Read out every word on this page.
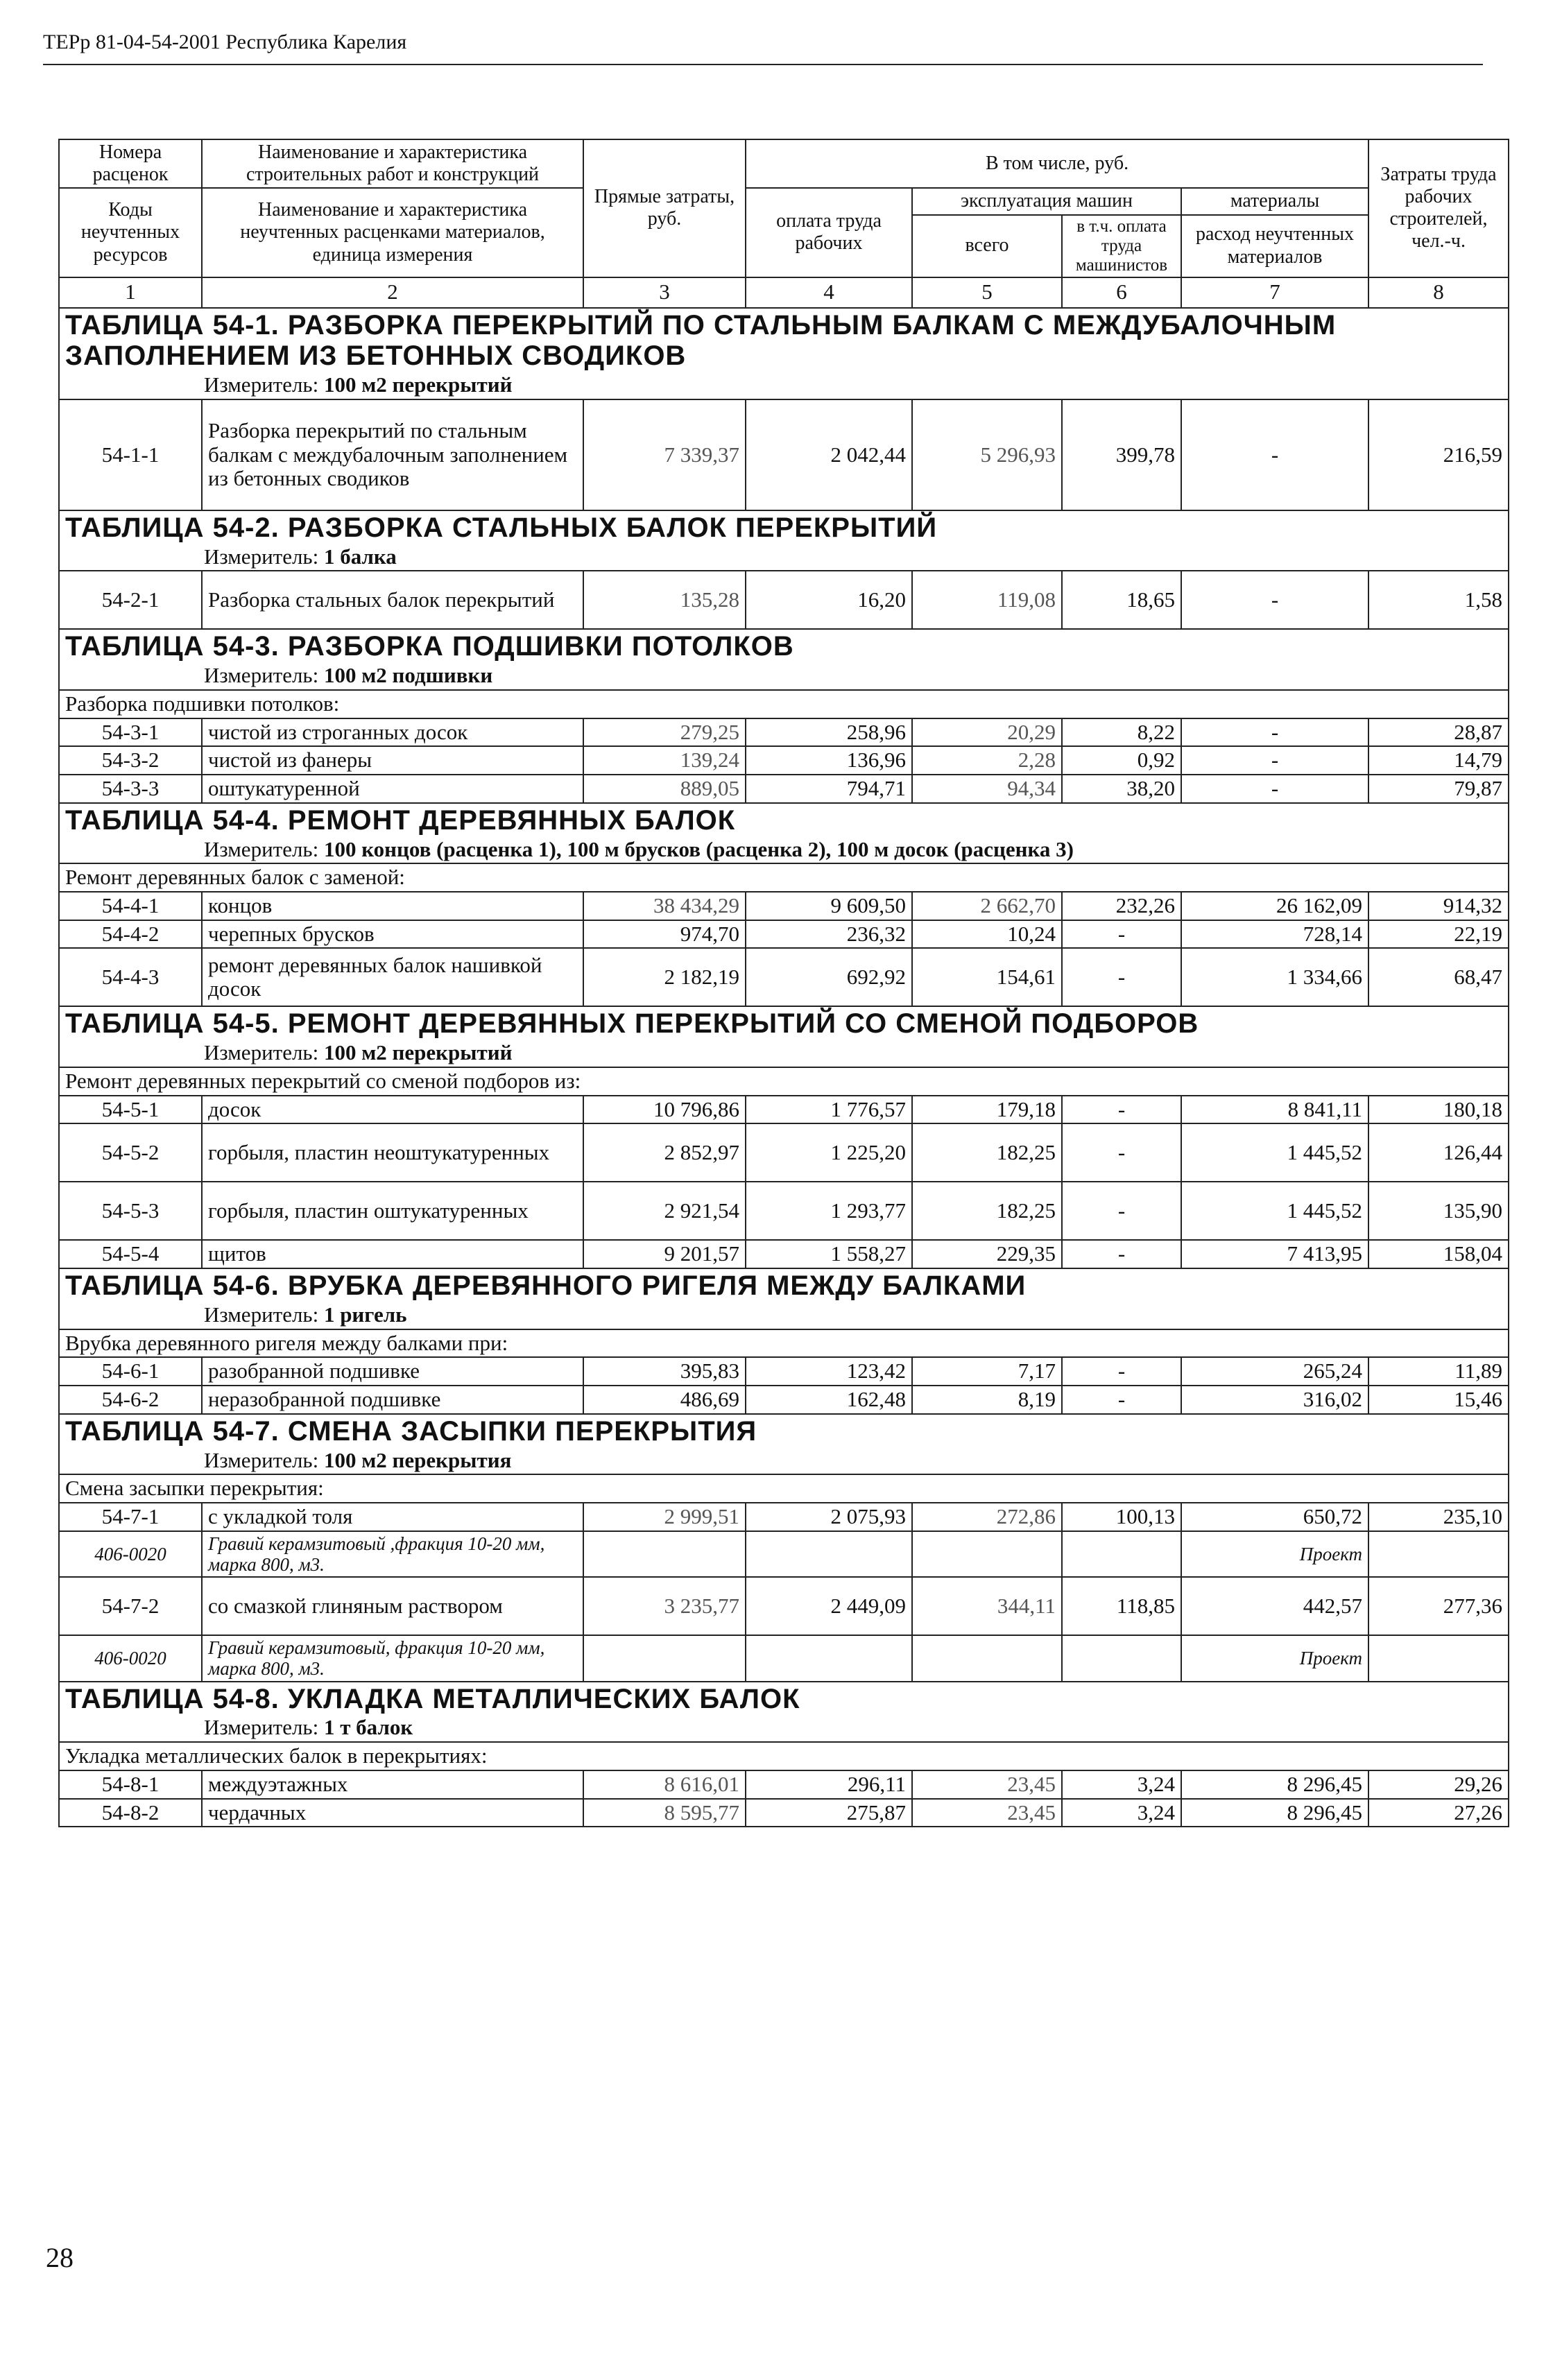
ТЕРр 81-04-54-2001 Республика Карелия
Номера расценок	Наименование и характеристика строительных работ и конструкций	Прямые затраты, руб.	В том числе, руб.				Затраты труда рабочих строителей, чел.-ч.
Коды неучтенных ресурсов	Наименование и характеристика неучтенных расценками материалов, единица измерения		оплата труда рабочих	эксплуатация машин		материалы	
				всего	в т.ч. оплата труда машинистов	расход неучтенных материалов	
1	2	3	4	5	6	7	8

ТАБЛИЦА 54-1. РАЗБОРКА ПЕРЕКРЫТИЙ ПО СТАЛЬНЫМ БАЛКАМ С МЕЖДУБАЛОЧНЫМ ЗАПОЛНЕНИЕМ ИЗ БЕТОННЫХ СВОДИКОВ
Измеритель: 100 м2 перекрытий							

54-1-1	Разборка перекрытий по стальным балкам с междубалочным заполнением из бетонных сводиков	7 339,37	2 042,44	5 296,93	399,78	-	216,59

ТАБЛИЦА 54-2. РАЗБОРКА СТАЛЬНЫХ БАЛОК ПЕРЕКРЫТИЙ
Измеритель: 1 балка							

54-2-1	Разборка стальных балок перекрытий	135,28	16,20	119,08	18,65	-	1,58

ТАБЛИЦА 54-3. РАЗБОРКА ПОДШИВКИ ПОТОЛКОВ
Измеритель: 100 м2 подшивки							

Разборка подшивки потолков:							
54-3-1	чистой из строганных досок	279,25	258,96	20,29	8,22	-	28,87
54-3-2	чистой из фанеры	139,24	136,96	2,28	0,92	-	14,79
54-3-3	оштукатуренной	889,05	794,71	94,34	38,20	-	79,87

ТАБЛИЦА 54-4. РЕМОНТ ДЕРЕВЯННЫХ БАЛОК
Измеритель: 100 концов (расценка 1), 100 м брусков (расценка 2), 100 м досок (расценка 3)							

Ремонт деревянных балок с заменой:							
54-4-1	концов	38 434,29	9 609,50	2 662,70	232,26	26 162,09	914,32
54-4-2	черепных брусков	974,70	236,32	10,24	-	728,14	22,19
54-4-3	ремонт деревянных балок нашивкой досок	2 182,19	692,92	154,61	-	1 334,66	68,47

ТАБЛИЦА 54-5. РЕМОНТ ДЕРЕВЯННЫХ ПЕРЕКРЫТИЙ СО СМЕНОЙ ПОДБОРОВ
Измеритель: 100 м2 перекрытий							

Ремонт деревянных перекрытий со сменой подборов из:							
54-5-1	досок	10 796,86	1 776,57	179,18	-	8 841,11	180,18
54-5-2	горбыля, пластин неоштукатуренных	2 852,97	1 225,20	182,25	-	1 445,52	126,44
54-5-3	горбыля, пластин оштукатуренных	2 921,54	1 293,77	182,25	-	1 445,52	135,90
54-5-4	щитов	9 201,57	1 558,27	229,35	-	7 413,95	158,04

ТАБЛИЦА 54-6. ВРУБКА ДЕРЕВЯННОГО РИГЕЛЯ МЕЖДУ БАЛКАМИ
Измеритель: 1 ригель							

Врубка деревянного ригеля между балками при:							
54-6-1	разобранной подшивке	395,83	123,42	7,17	-	265,24	11,89
54-6-2	неразобранной подшивке	486,69	162,48	8,19	-	316,02	15,46

ТАБЛИЦА 54-7. СМЕНА ЗАСЫПКИ ПЕРЕКРЫТИЯ
Измеритель: 100 м2 перекрытия							

Смена засыпки перекрытия:							
54-7-1	с укладкой толя	2 999,51	2 075,93	272,86	100,13	650,72	235,10
406-0020	Гравий керамзитовый ,фракция 10-20 мм, марка 800, м3.					Проект	
54-7-2	со смазкой глиняным раствором	3 235,77	2 449,09	344,11	118,85	442,57	277,36
406-0020	Гравий керамзитовый, фракция 10-20 мм, марка 800, м3.					Проект	

ТАБЛИЦА 54-8. УКЛАДКА МЕТАЛЛИЧЕСКИХ БАЛОК
Измеритель: 1 т балок							

Укладка металлических балок в перекрытиях:							
54-8-1	междуэтажных	8 616,01	296,11	23,45	3,24	8 296,45	29,26
54-8-2	чердачных	8 595,77	275,87	23,45	3,24	8 296,45	27,26
28
